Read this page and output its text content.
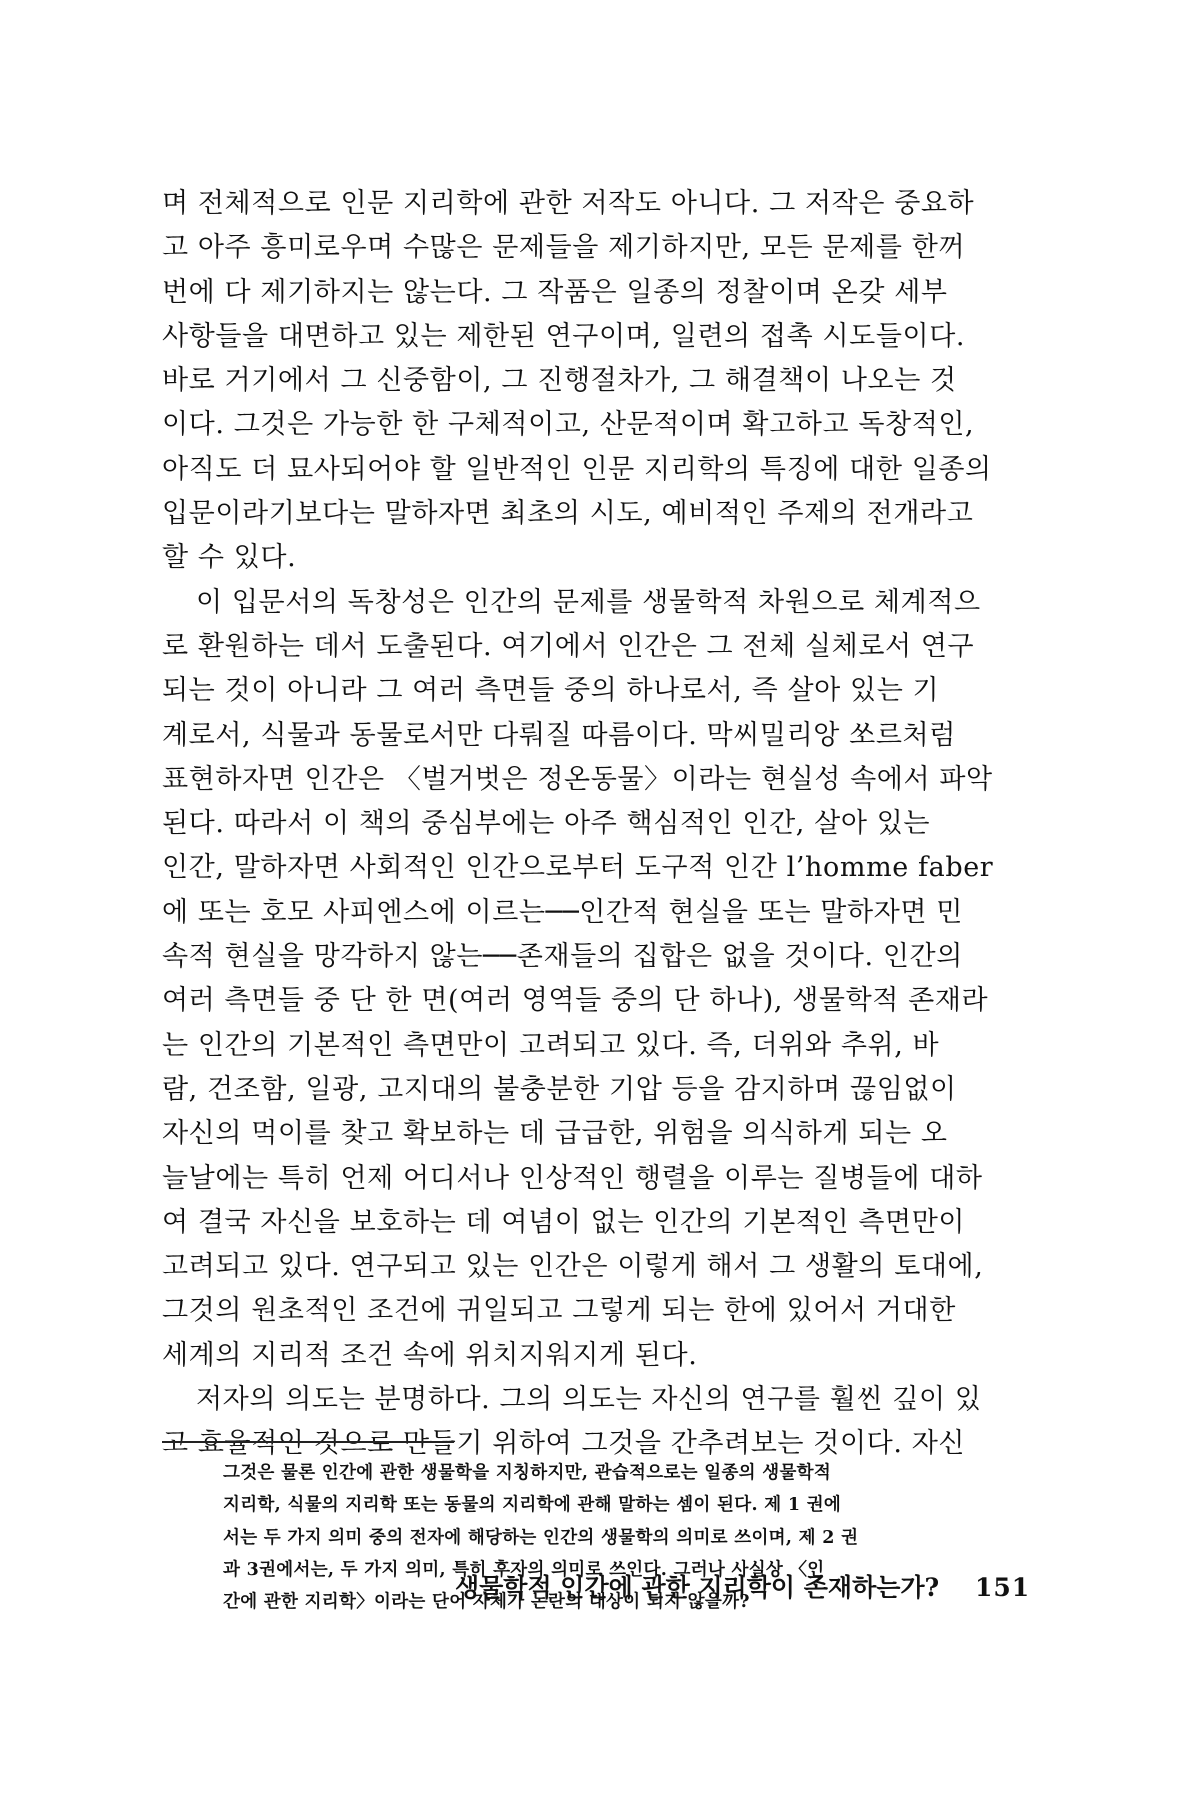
며 전체적으로 인문 지리학에 관한 저작도 아니다. 그 저작은 중요하
고 아주 흥미로우며 수많은 문제들을 제기하지만, 모든 문제를 한꺼
번에 다 제기하지는 않는다. 그 작품은 일종의 정찰이며 온갖 세부
사항들을 대면하고 있는 제한된 연구이며, 일련의 접촉 시도들이다.
바로 거기에서 그 신중함이, 그 진행절차가, 그 해결책이 나오는 것
이다. 그것은 가능한 한 구체적이고, 산문적이며 확고하고 독창적인,
아직도 더 묘사되어야 할 일반적인 인문 지리학의 특징에 대한 일종의
입문이라기보다는 말하자면 최초의 시도, 예비적인 주제의 전개라고
할 수 있다.
이 입문서의 독창성은 인간의 문제를 생물학적 차원으로 체계적으
로 환원하는 데서 도출된다. 여기에서 인간은 그 전체 실체로서 연구
되는 것이 아니라 그 여러 측면들 중의 하나로서, 즉 살아 있는 기
계로서, 식물과 동물로서만 다뤄질 따름이다. 막씨밀리앙 쏘르처럼
표현하자면 인간은 〈벌거벗은 정온동물〉이라는 현실성 속에서 파악
된다. 따라서 이 책의 중심부에는 아주 핵심적인 인간, 살아 있는
인간, 말하자면 사회적인 인간으로부터 도구적 인간 l’homme faber
에 또는 호모 사피엔스에 이르는──인간적 현실을 또는 말하자면 민
속적 현실을 망각하지 않는──존재들의 집합은 없을 것이다. 인간의
여러 측면들 중 단 한 면(여러 영역들 중의 단 하나), 생물학적 존재라
는 인간의 기본적인 측면만이 고려되고 있다. 즉, 더위와 추위, 바
람, 건조함, 일광, 고지대의 불충분한 기압 등을 감지하며 끊임없이
자신의 먹이를 찾고 확보하는 데 급급한, 위험을 의식하게 되는 오
늘날에는 특히 언제 어디서나 인상적인 행렬을 이루는 질병들에 대하
여 결국 자신을 보호하는 데 여념이 없는 인간의 기본적인 측면만이
고려되고 있다. 연구되고 있는 인간은 이렇게 해서 그 생활의 토대에,
그것의 원초적인 조건에 귀일되고 그렇게 되는 한에 있어서 거대한
세계의 지리적 조건 속에 위치지워지게 된다.
저자의 의도는 분명하다. 그의 의도는 자신의 연구를 훨씬 깊이 있
고 효율적인 것으로 만들기 위하여 그것을 간추려보는 것이다. 자신
그것은 물론 인간에 관한 생물학을 지칭하지만, 관습적으로는 일종의 생물학적
지리학, 식물의 지리학 또는 동물의 지리학에 관해 말하는 셈이 된다. 제 1 권에
서는 두 가지 의미 중의 전자에 해당하는 인간의 생물학의 의미로 쓰이며, 제 2 권
과 3권에서는, 두 가지 의미, 특히 후자의 의미로 쓰인다. 그러나 사실상 〈인
간에 관한 지리학〉이라는 단어 자체가 논란의 대상이 되지 않을까?
생물학적 인간에 관한 지리학이 존재하는가? 151
